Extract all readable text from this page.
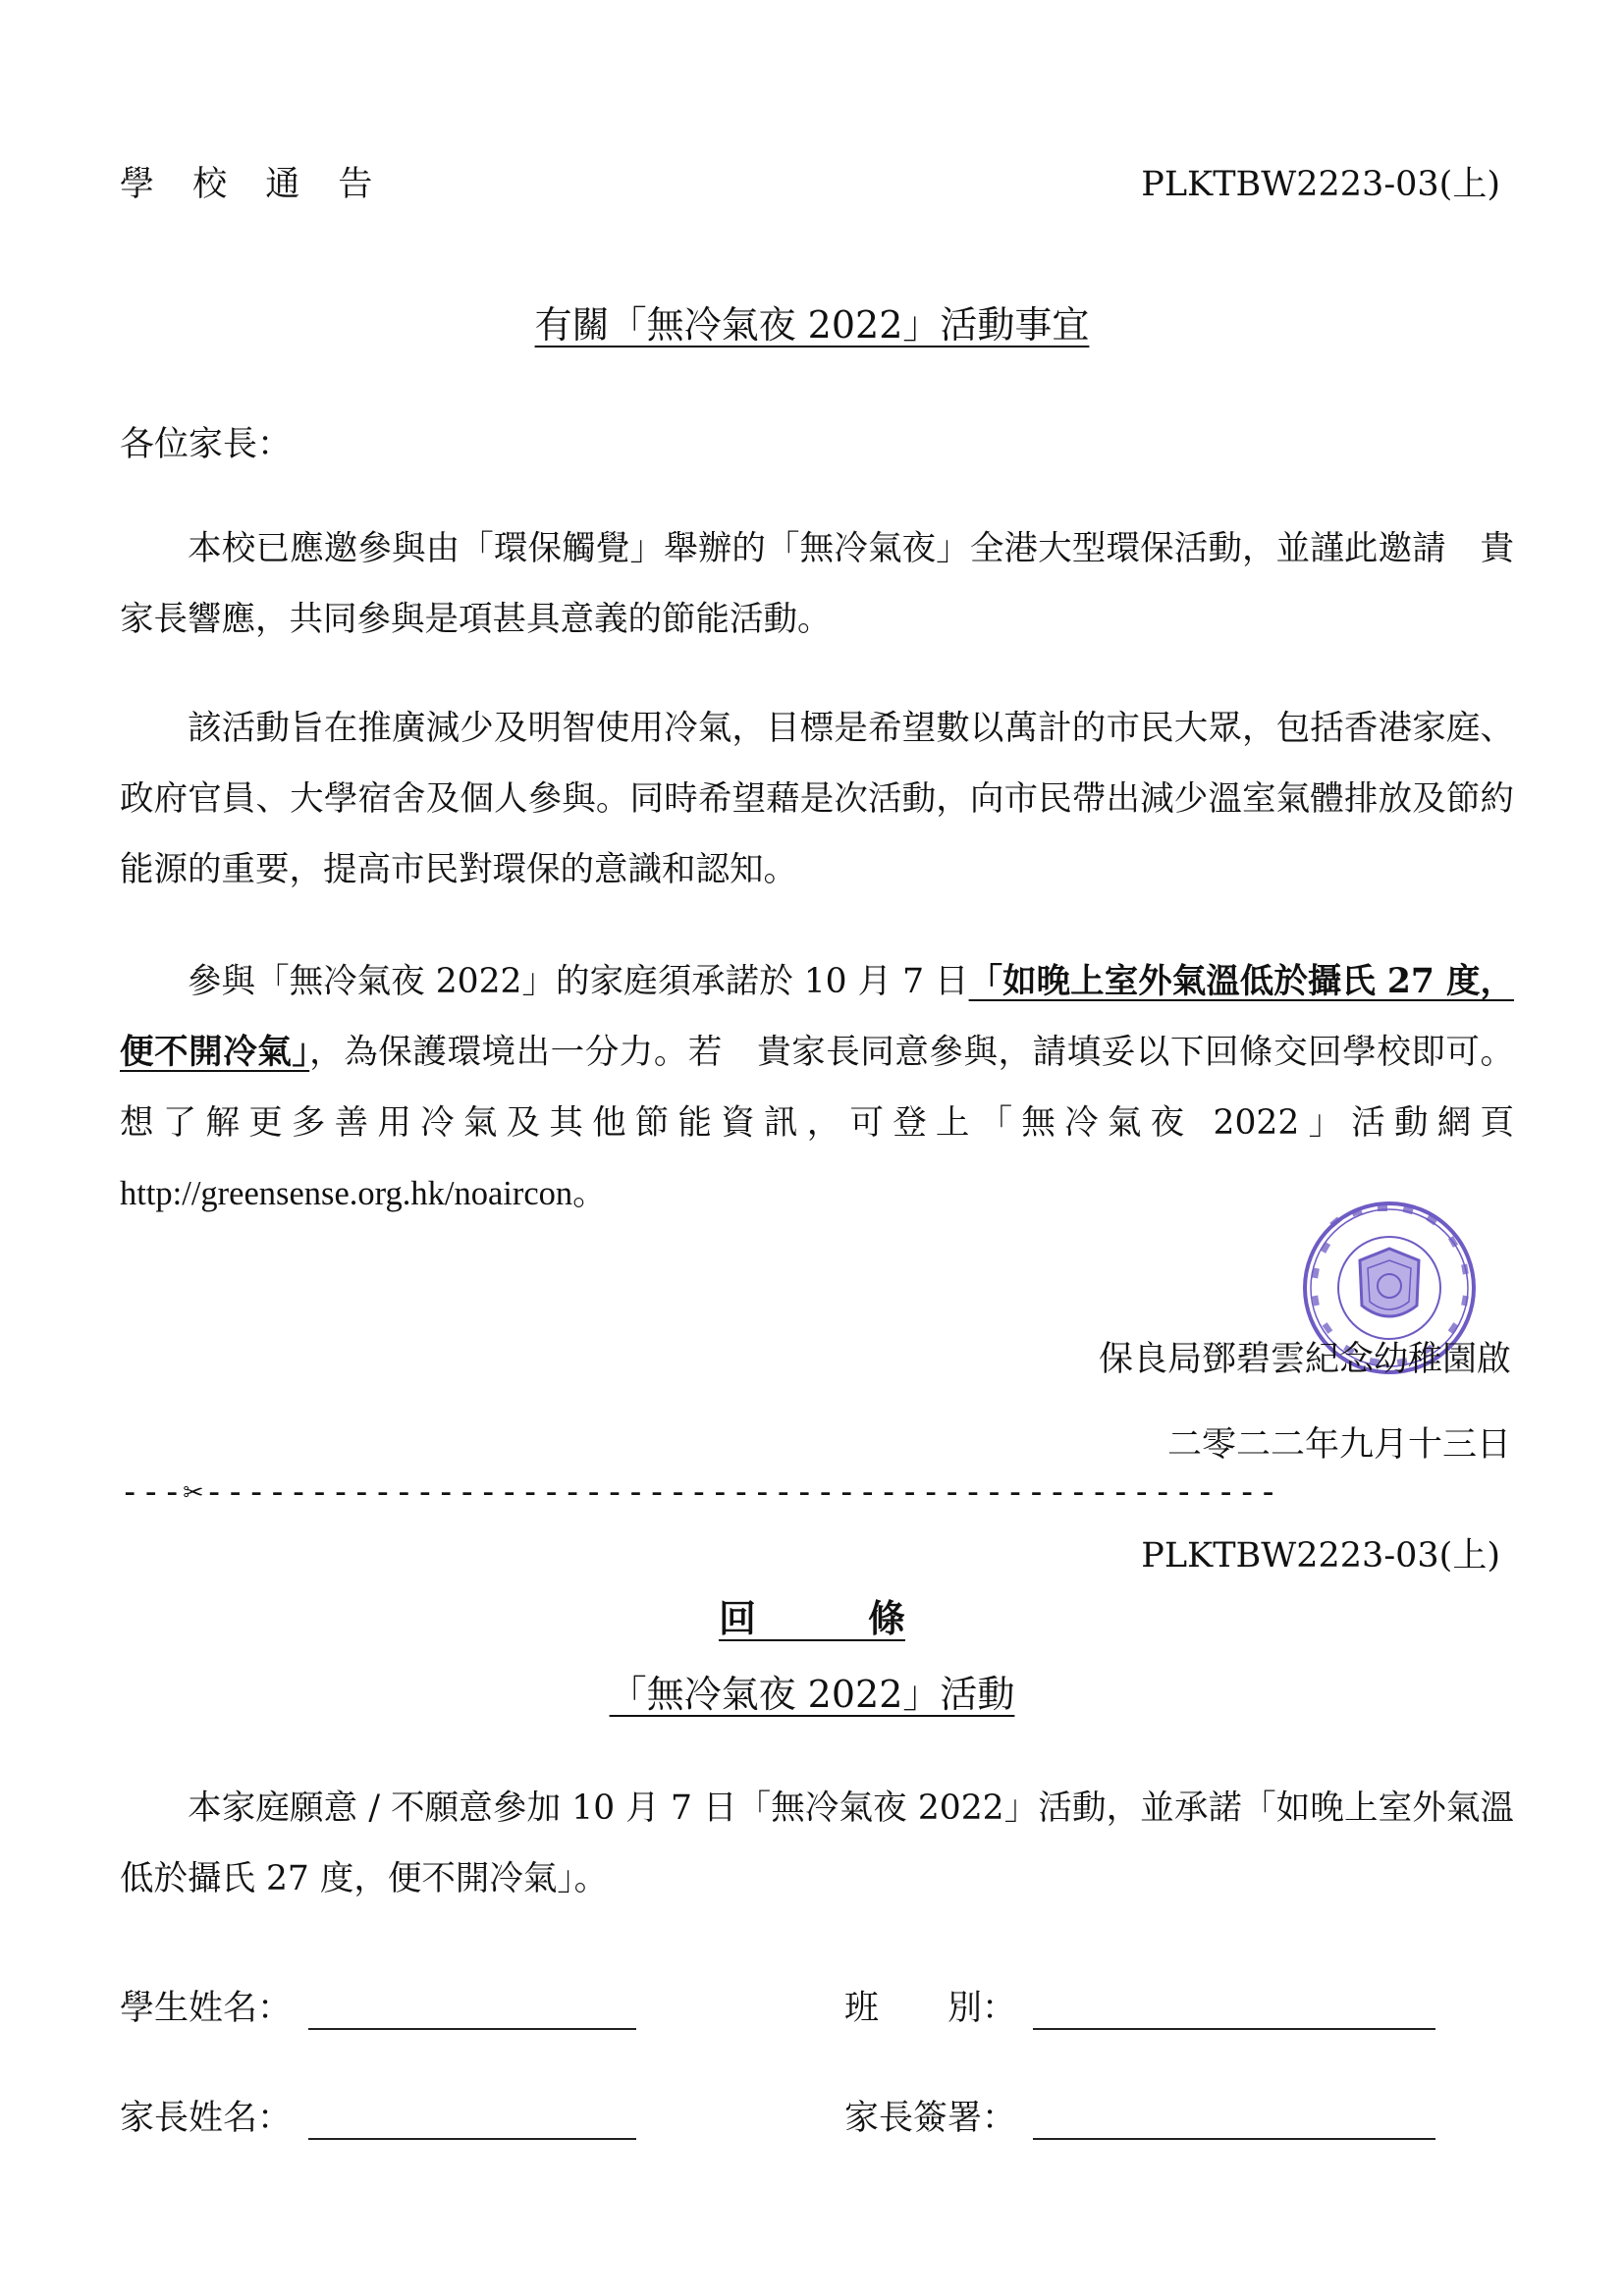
學 校 通 告	PLKTBW2223-03(上)
有關「無冷氣夜 2022」活動事宜
各位家長：
本校已應邀參與由「環保觸覺」舉辦的「無冷氣夜」全港大型環保活動，並謹此邀請　貴家長響應，共同參與是項甚具意義的節能活動。
該活動旨在推廣減少及明智使用冷氣，目標是希望數以萬計的市民大眾，包括香港家庭、政府官員、大學宿舍及個人參與。同時希望藉是次活動，向市民帶出減少溫室氣體排放及節約能源的重要，提高市民對環保的意識和認知。
參與「無冷氣夜 2022」的家庭須承諾於 10 月 7 日「如晚上室外氣溫低於攝氏 27 度，便不開冷氣」，為保護環境出一分力。若　貴家長同意參與，請填妥以下回條交回學校即可。想了解更多善用冷氣及其他節能資訊，可登上「無冷氣夜 2022」活動網頁 http://greensense.org.hk/noaircon。
保良局鄧碧雲紀念幼稚園啟
二零二二年九月十三日
---✂---------------------------------------------------
PLKTBW2223-03(上)
回　　　條
「無冷氣夜 2022」活動
本家庭願意 / 不願意參加 10 月 7 日「無冷氣夜 2022」活動，並承諾「如晚上室外氣溫低於攝氏 27 度，便不開冷氣」。
學生姓名：	班　　別：
家長姓名：	家長簽署：
